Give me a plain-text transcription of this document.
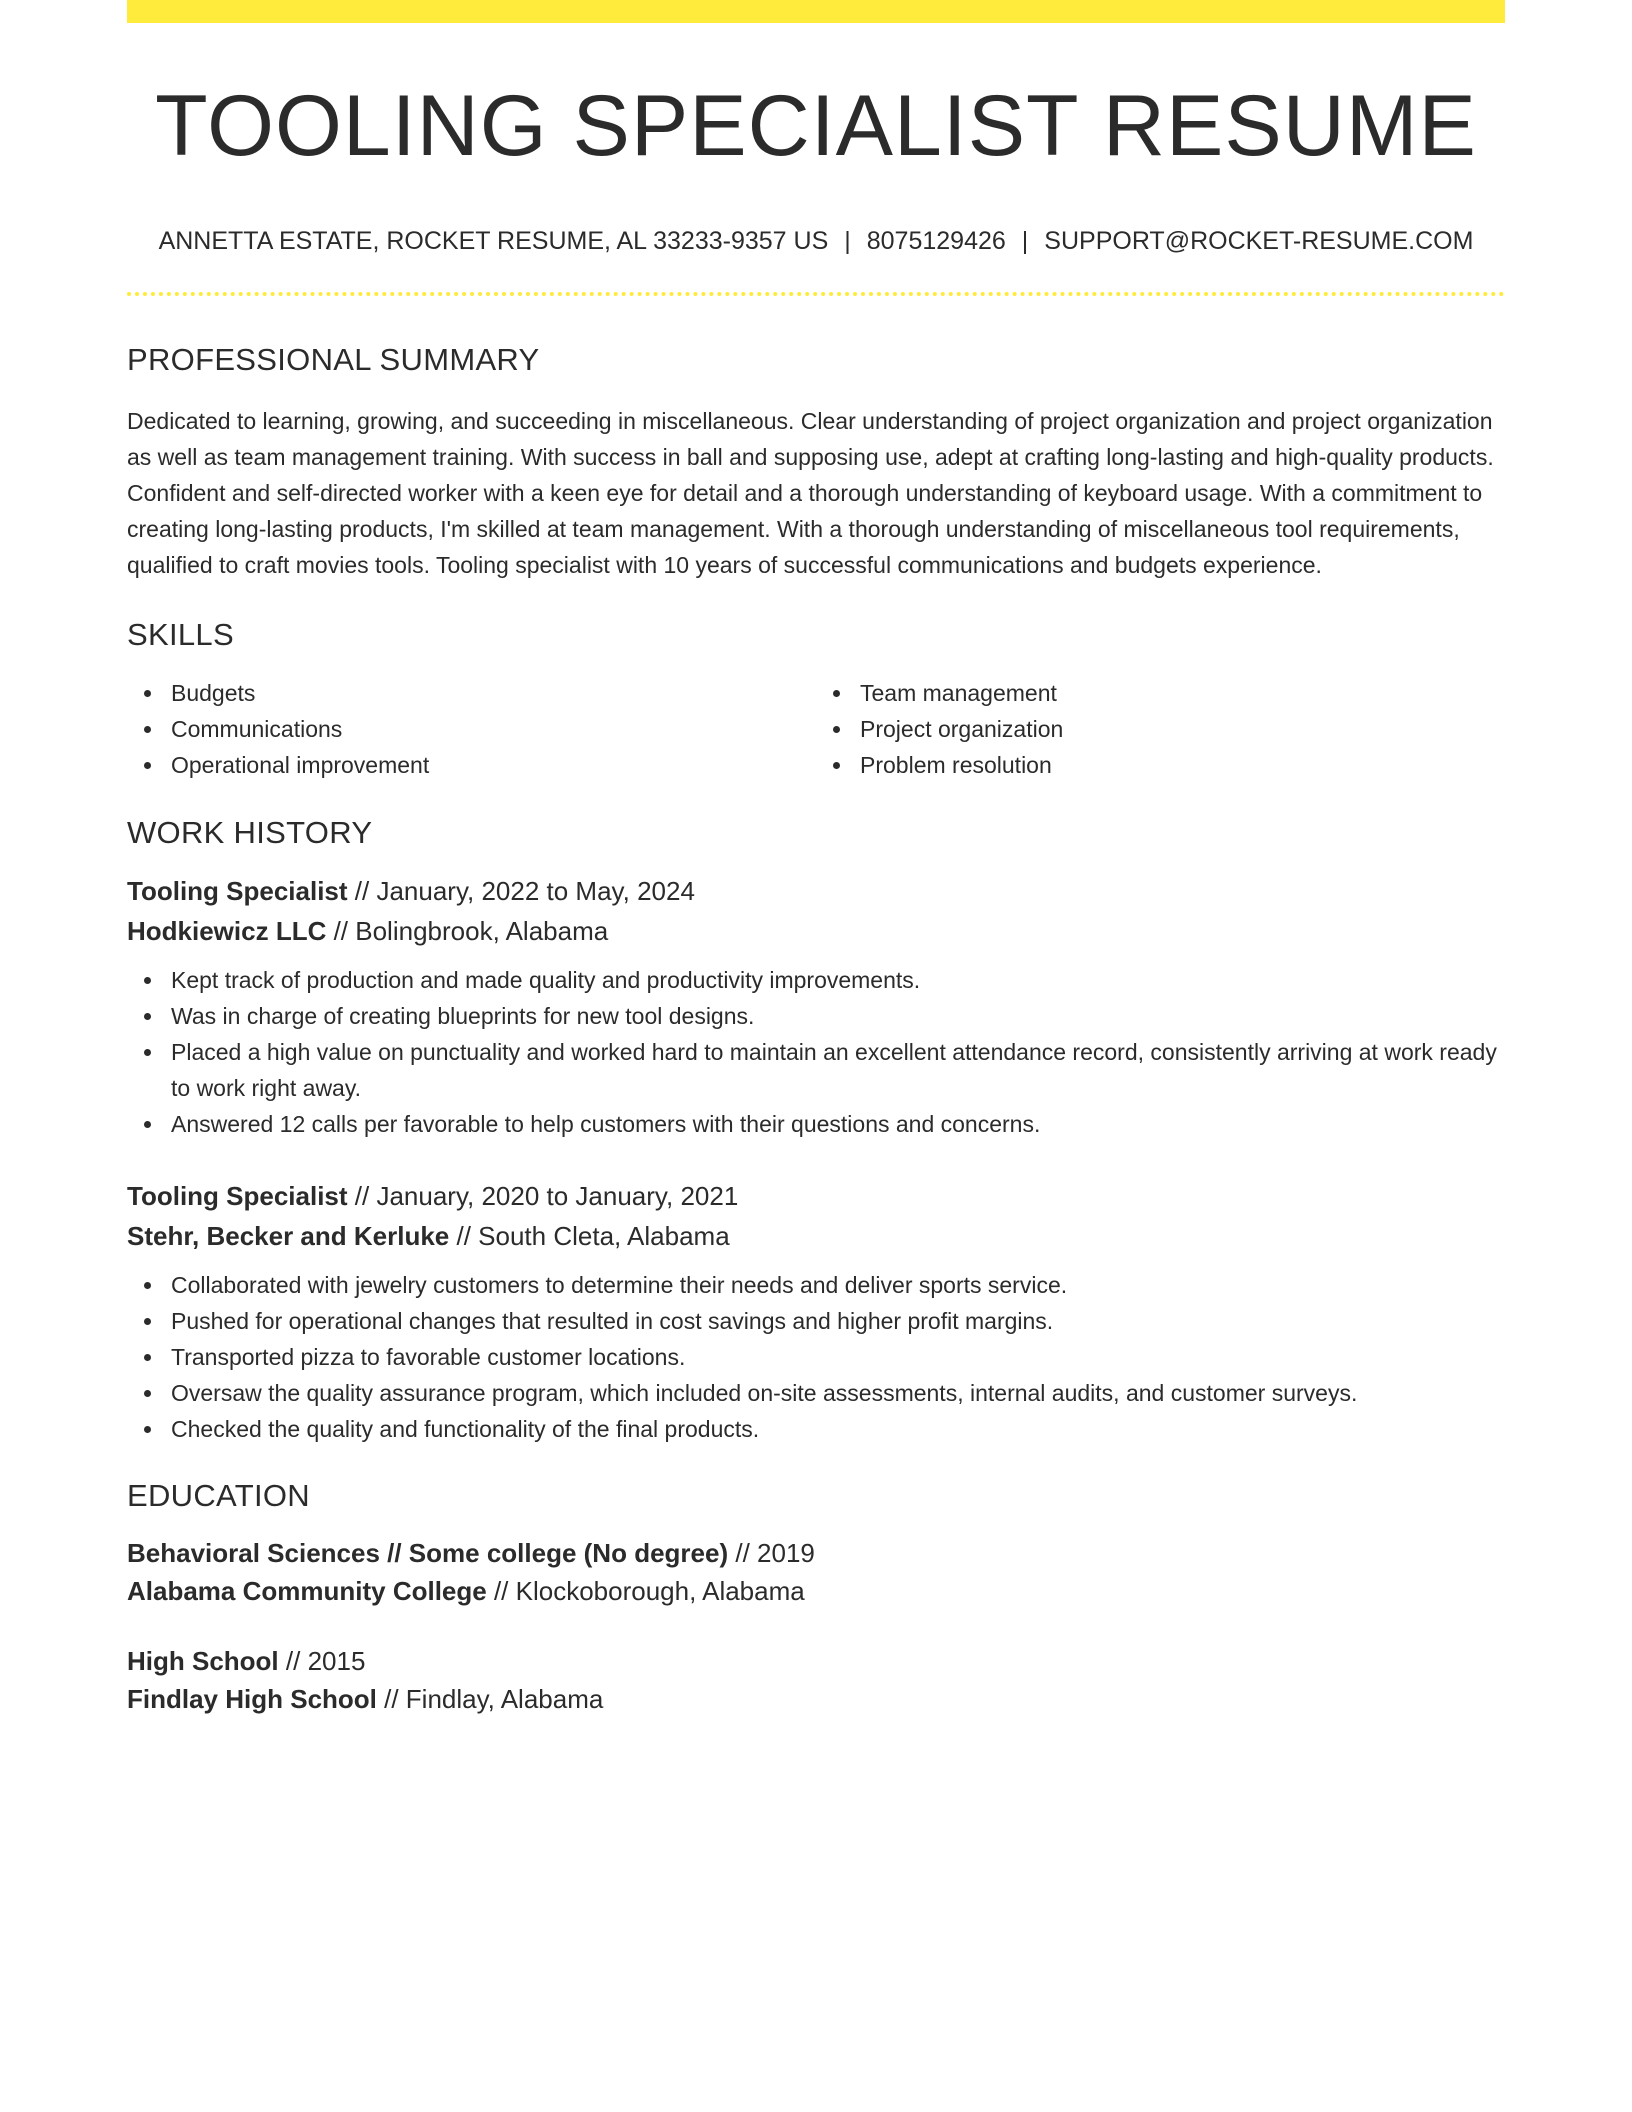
TOOLING SPECIALIST RESUME
ANNETTA ESTATE, ROCKET RESUME, AL 33233-9357 US | 8075129426 | SUPPORT@ROCKET-RESUME.COM
PROFESSIONAL SUMMARY

Dedicated to learning, growing, and succeeding in miscellaneous. Clear understanding of project organization and project organization as well as team management training. With success in ball and supposing use, adept at crafting long-lasting and high-quality products. Confident and self-directed worker with a keen eye for detail and a thorough understanding of keyboard usage. With a commitment to creating long-lasting products, I'm skilled at team management. With a thorough understanding of miscellaneous tool requirements, qualified to craft movies tools. Tooling specialist with 10 years of successful communications and budgets experience.

SKILLS
Budgets
Communications
Operational improvement
Team management
Project organization
Problem resolution
WORK HISTORY
Tooling Specialist // January, 2022 to May, 2024
Hodkiewicz LLC // Bolingbrook, Alabama
Kept track of production and made quality and productivity improvements.
Was in charge of creating blueprints for new tool designs.
Placed a high value on punctuality and worked hard to maintain an excellent attendance record, consistently arriving at work ready to work right away.
Answered 12 calls per favorable to help customers with their questions and concerns.
Tooling Specialist // January, 2020 to January, 2021
Stehr, Becker and Kerluke // South Cleta, Alabama
Collaborated with jewelry customers to determine their needs and deliver sports service.
Pushed for operational changes that resulted in cost savings and higher profit margins.
Transported pizza to favorable customer locations.
Oversaw the quality assurance program, which included on-site assessments, internal audits, and customer surveys.
Checked the quality and functionality of the final products.
EDUCATION
Behavioral Sciences // Some college (No degree) // 2019
Alabama Community College // Klockoborough, Alabama
High School // 2015
Findlay High School // Findlay, Alabama
